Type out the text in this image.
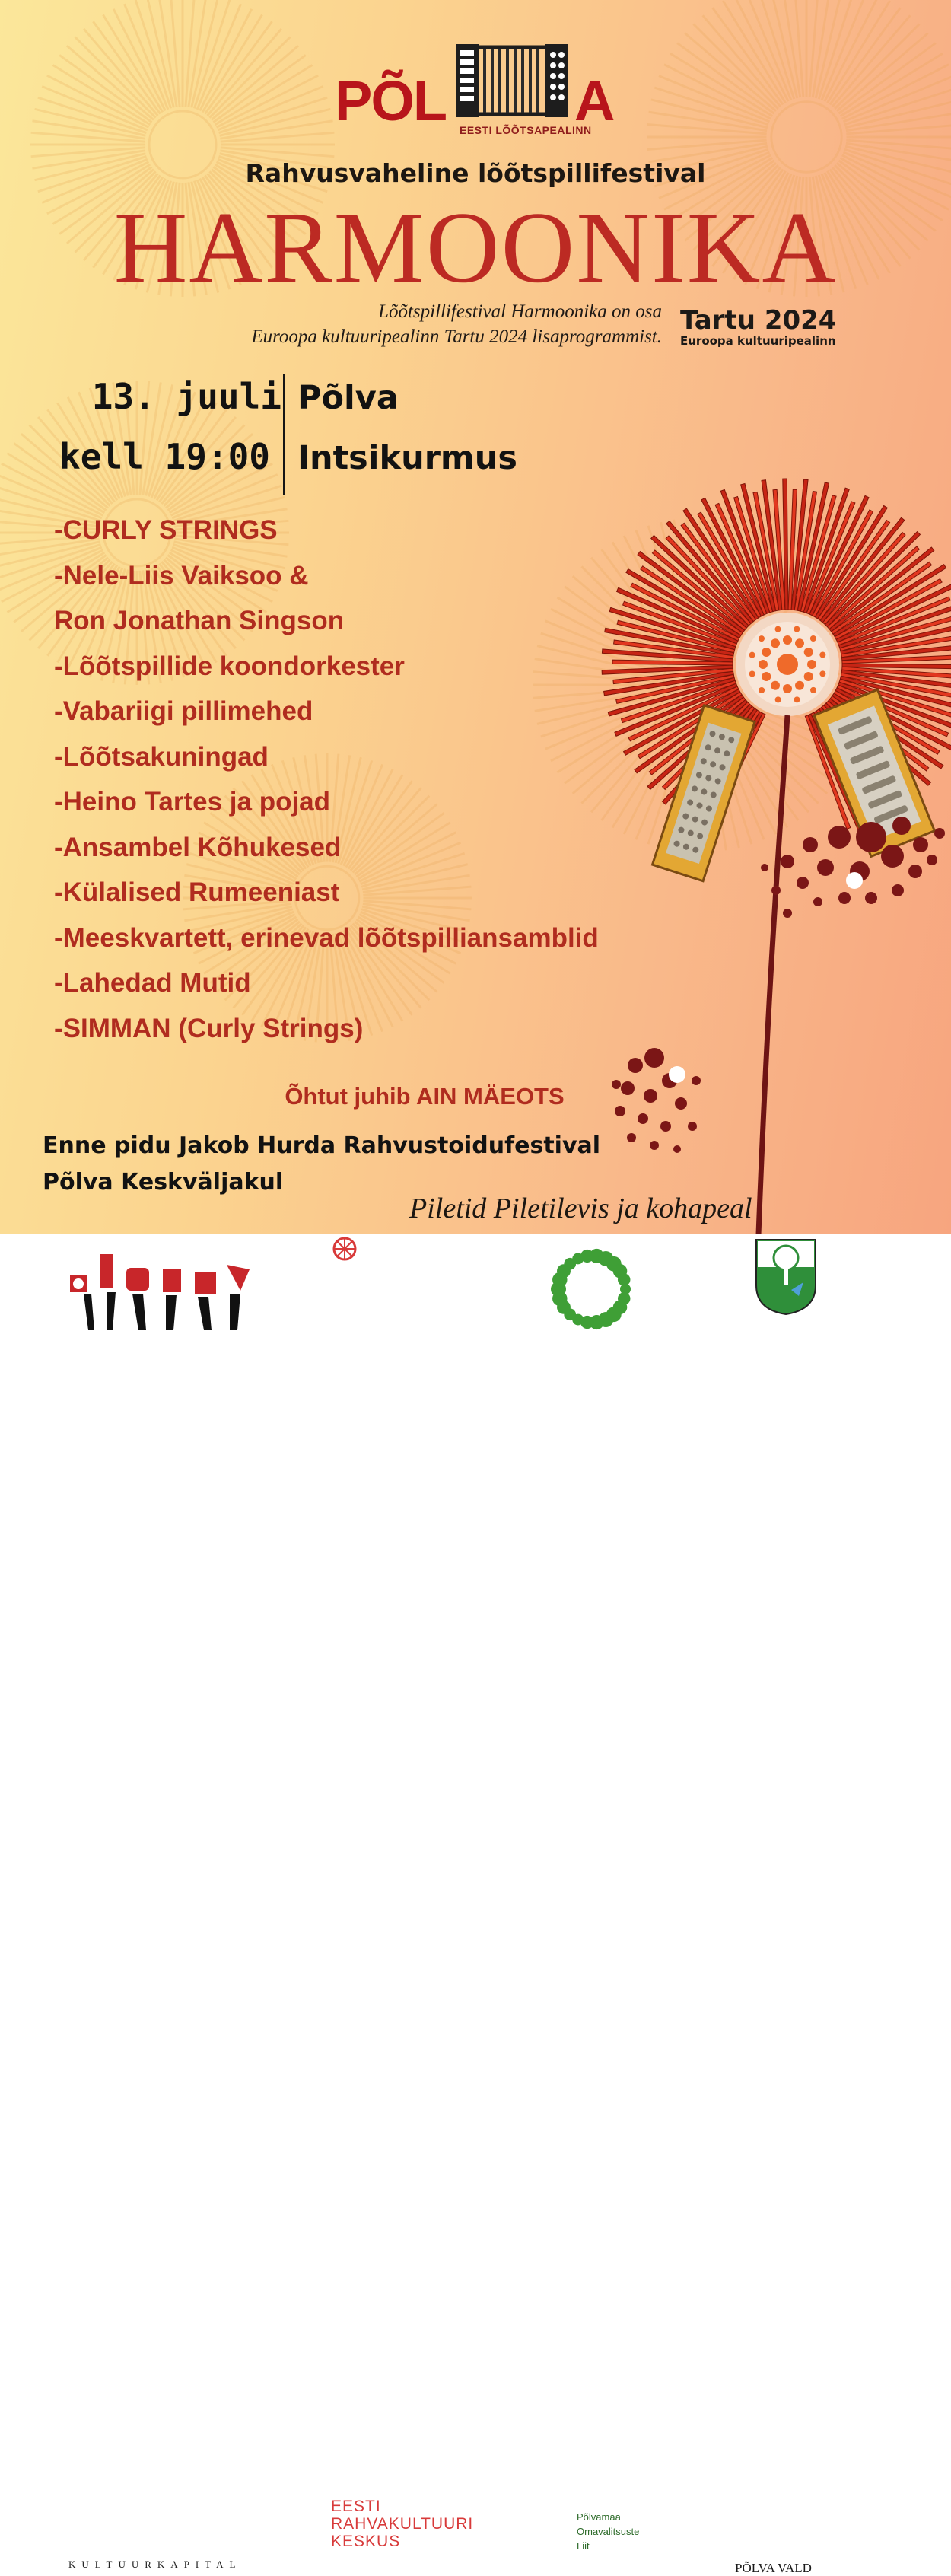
PÕL A
EESTI LÕÕTSAPEALINN
Rahvusvaheline lõõtspillifestival
HARMOONIKA
Lõõtspillifestival Harmoonika on osa
Euroopa kultuuripealinn Tartu 2024 lisaprogrammist.
Tartu 2024
Euroopa kultuuripealinn
13. juuli
kell 19:00
Põlva
Intsikurmus
-CURLY STRINGS
-Nele-Liis Vaiksoo &
Ron Jonathan Singson
-Lõõtspillide koondorkester
-Vabariigi pillimehed
-Lõõtsakuningad
-Heino Tartes ja pojad
-Ansambel Kõhukesed
-Külalised Rumeeniast
-Meeskvartett, erinevad lõõtspilliansamblid
-Lahedad Mutid
-SIMMAN (Curly Strings)
Õhtut juhib AIN MÄEOTS
Enne pidu Jakob Hurda Rahvustoidufestival
Põlva Keskväljakul
Piletid Piletilevis ja kohapeal
KULTUURKAPITAL
EESTI
RAHVAKULTUURI
KESKUS
Põlvamaa
Omavalitsuste
Liit
PÕLVA VALD
